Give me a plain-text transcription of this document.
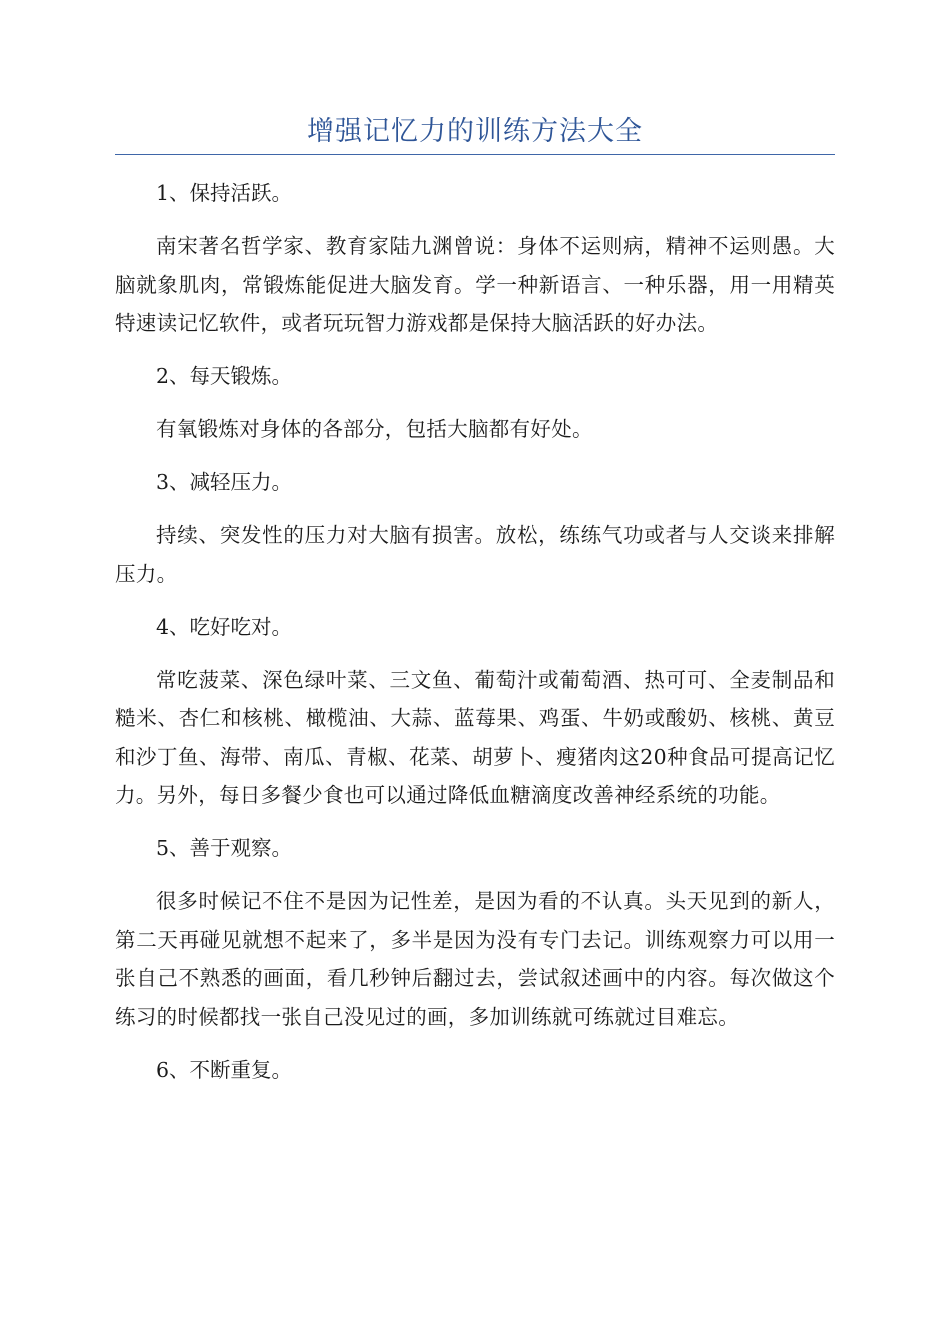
增强记忆力的训练方法大全

1、保持活跃。

南宋著名哲学家、教育家陆九渊曾说：身体不运则病，精神不运则愚。大脑就象肌肉，常锻炼能促进大脑发育。学一种新语言、一种乐器，用一用精英特速读记忆软件，或者玩玩智力游戏都是保持大脑活跃的好办法。

2、每天锻炼。

有氧锻炼对身体的各部分，包括大脑都有好处。

3、减轻压力。

持续、突发性的压力对大脑有损害。放松，练练气功或者与人交谈来排解压力。

4、吃好吃对。

常吃菠菜、深色绿叶菜、三文鱼、葡萄汁或葡萄酒、热可可、全麦制品和糙米、杏仁和核桃、橄榄油、大蒜、蓝莓果、鸡蛋、牛奶或酸奶、核桃、黄豆和沙丁鱼、海带、南瓜、青椒、花菜、胡萝卜、瘦猪肉这20种食品可提高记忆力。另外，每日多餐少食也可以通过降低血糖滴度改善神经系统的功能。

5、善于观察。

很多时候记不住不是因为记性差，是因为看的不认真。头天见到的新人，第二天再碰见就想不起来了，多半是因为没有专门去记。训练观察力可以用一张自己不熟悉的画面，看几秒钟后翻过去，尝试叙述画中的内容。每次做这个练习的时候都找一张自己没见过的画，多加训练就可练就过目难忘。

6、不断重复。
